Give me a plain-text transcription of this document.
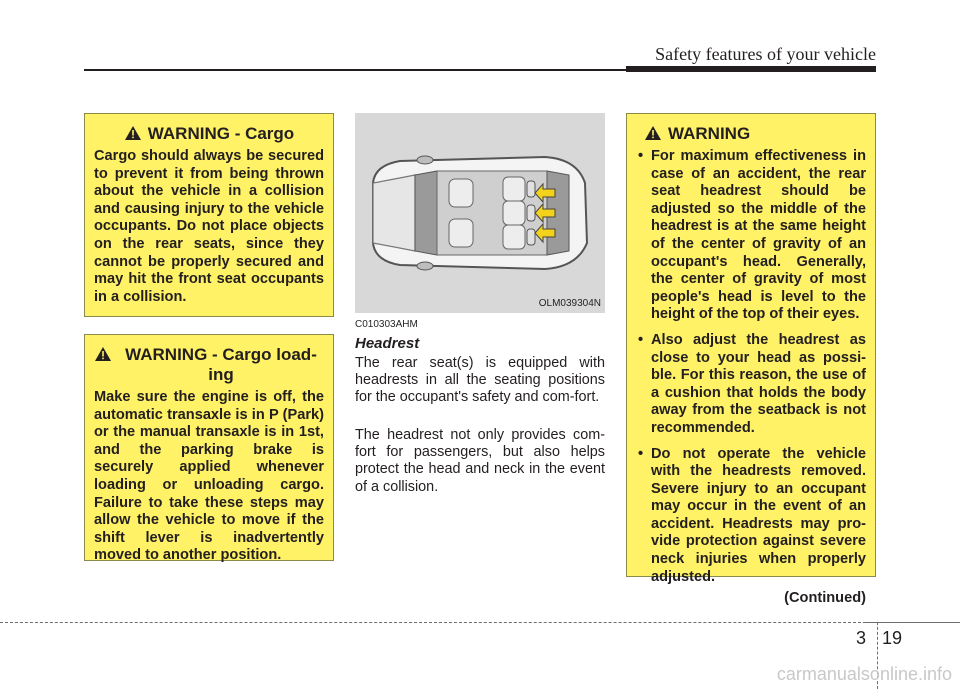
Safety features of your vehicle
WARNING - Cargo
Cargo should always be secured to prevent it from being thrown about the vehicle in a collision and causing injury to the vehicle occupants. Do not place objects on the rear seats, since they cannot be properly secured and may hit the front seat occupants in a collision.
WARNING - Cargo load-ing
Make sure the engine is off, the automatic transaxle is in P (Park) or the manual transaxle is in 1st, and the parking brake is securely applied whenever loading or unloading cargo. Failure to take these steps may allow the vehicle to move if the shift lever is inadvertently moved to another position.
OLM039304N
C010303AHM
Headrest
The rear seat(s) is equipped with headrests in all the seating positions for the occupant's safety and com-fort.
The headrest not only provides com-fort for passengers, but also helps protect the head and neck in the event of a collision.
WARNING
• For maximum effectiveness in case of an accident, the rear seat headrest should be adjusted so the middle of the headrest is at the same height of the center of gravity of an occupant's head. Generally, the center of gravity of most people's head is level to the height of the top of their eyes.
• Also adjust the headrest as close to your head as possi-ble. For this reason, the use of a cushion that holds the body away from the seatback is not recommended.
• Do not operate the vehicle with the headrests removed. Severe injury to an occupant may occur in the event of an accident. Headrests may pro-vide protection against severe neck injuries when properly adjusted.
(Continued)
3 19
carmanualsonline.info
